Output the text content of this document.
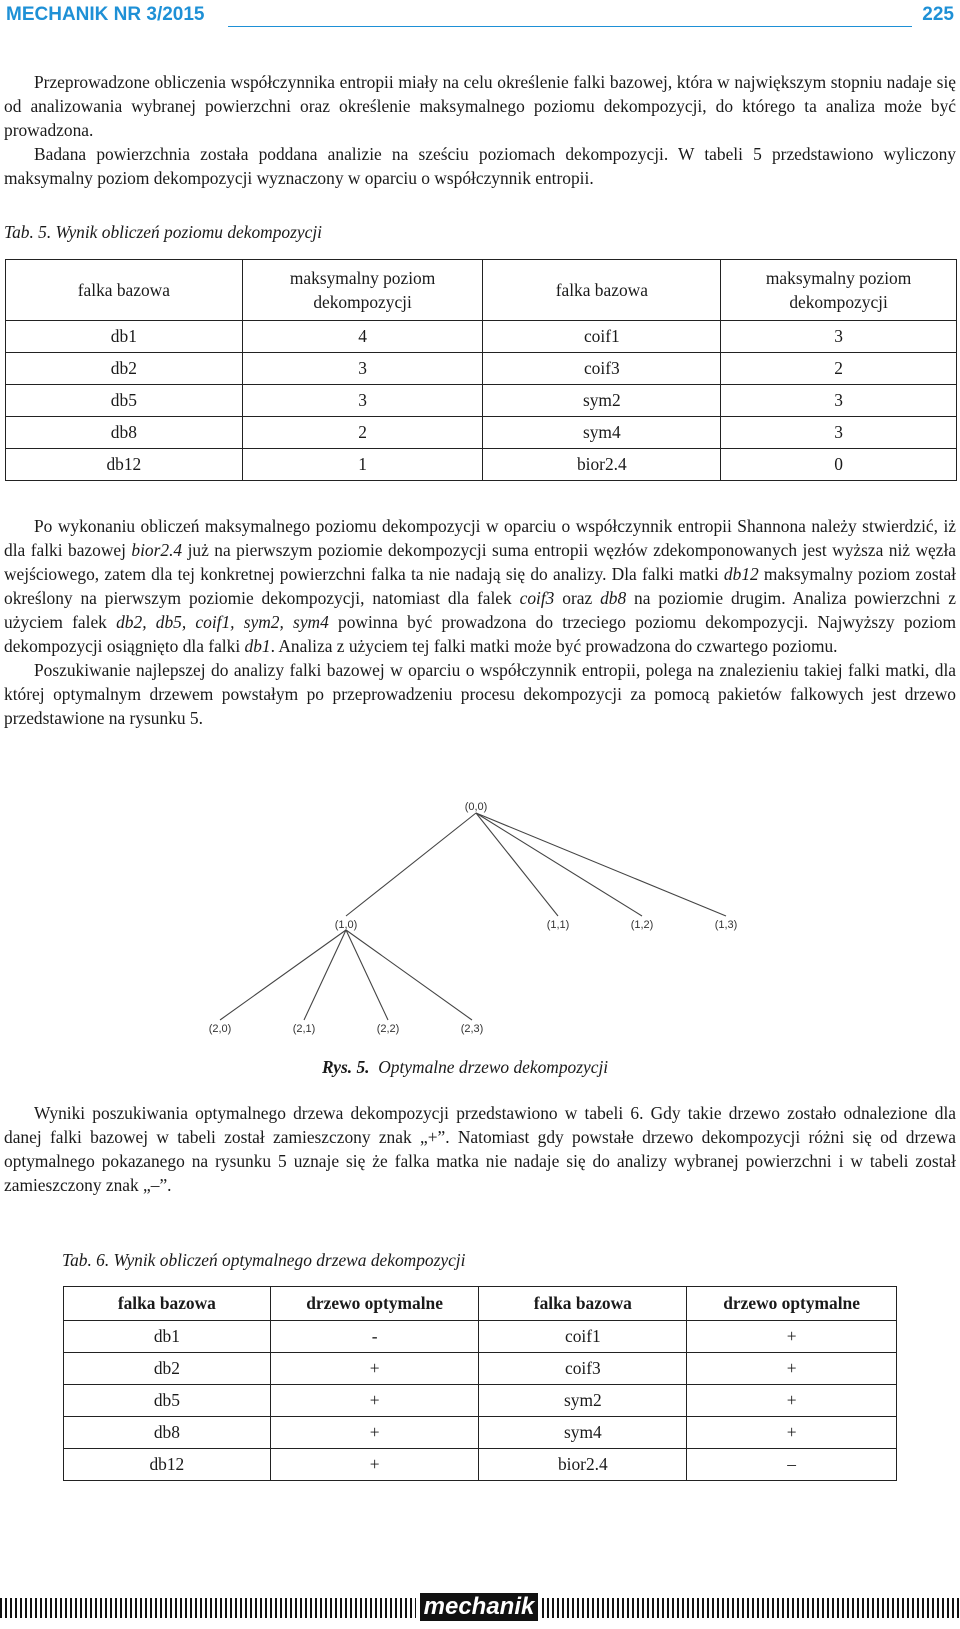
MECHANIK NR 3/2015	225

Przeprowadzone obliczenia współczynnika entropii miały na celu określenie falki bazowej, która w największym stopniu nadaje się od analizowania wybranej powierzchni oraz określenie maksymalnego poziomu dekompozycji, do którego ta analiza może być prowadzona.

Badana powierzchnia została poddana analizie na sześciu poziomach dekompozycji. W tabeli 5 przedstawiono wyliczony maksymalny poziom dekompozycji wyznaczony w oparciu o współczynnik entropii.

Tab. 5. Wynik obliczeń poziomu dekompozycji
falka bazowa	maksymalny poziom dekompozycji	falka bazowa	maksymalny poziom dekompozycji
db1	4	coif1	3
db2	3	coif3	2
db5	3	sym2	3
db8	2	sym4	3
db12	1	bior2.4	0

Po wykonaniu obliczeń maksymalnego poziomu dekompozycji w oparciu o współczynnik entropii Shannona należy stwierdzić, iż dla falki bazowej bior2.4 już na pierwszym poziomie dekompozycji suma entropii węzłów zdekomponowanych jest wyższa niż węzła wejściowego, zatem dla tej konkretnej powierzchni falka ta nie nadają się do analizy. Dla falki matki db12 maksymalny poziom został określony na pierwszym poziomie dekompozycji, natomiast dla falek coif3 oraz db8 na poziomie drugim. Analiza powierzchni z użyciem falek db2, db5, coif1, sym2, sym4 powinna być prowadzona do trzeciego poziomu dekompozycji. Najwyższy poziom dekompozycji osiągnięto dla falki db1. Analiza z użyciem tej falki matki może być prowadzona do czwartego poziomu.

Poszukiwanie najlepszej do analizy falki bazowej w oparciu o współczynnik entropii, polega na znalezieniu takiej falki matki, dla której optymalnym drzewem powstałym po przeprowadzeniu procesu dekompozycji za pomocą pakietów falkowych jest drzewo przedstawione na rysunku 5.

(0,0)
(1,0)	(1,1)	(1,2)	(1,3)
(2,0)	(2,1)	(2,2)	(2,3)
Rys. 5. Optymalne drzewo dekompozycji

Wyniki poszukiwania optymalnego drzewa dekompozycji przedstawiono w tabeli 6. Gdy takie drzewo zostało odnalezione dla danej falki bazowej w tabeli został zamieszczony znak „+”. Natomiast gdy powstałe drzewo dekompozycji różni się od drzewa optymalnego pokazanego na rysunku 5 uznaje się że falka matka nie nadaje się do analizy wybranej powierzchni i w tabeli został zamieszczony znak „–”.

Tab. 6. Wynik obliczeń optymalnego drzewa dekompozycji
falka bazowa	drzewo optymalne	falka bazowa	drzewo optymalne
db1	-	coif1	+
db2	+	coif3	+
db5	+	sym2	+
db8	+	sym4	+
db12	+	bior2.4	–
mechanik
